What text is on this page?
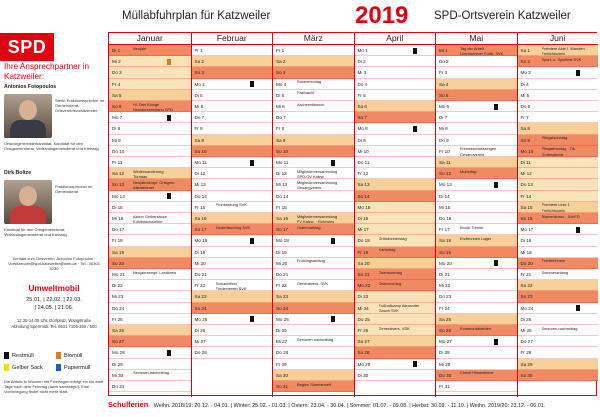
SPD
Ihre Ansprechpartner in Katzweiler:
Antonios Fotopoulos
Stellv. Fraktionssprecher im Gemeinderat, Ortsvereinsvorsitzender
Ortsbürgermeisterkandidat, Kandidat für den Ortsgemeinderat, Verbandsgemeinderat und Kreistag
Dirk Boltze
Fraktionssprecher im Gemeinderat
Kandidat für den Ortsgemeinderat, Verbandsgemeinderat und Kreistag
Kontakt zum Ortsverein: Antonios Fotopoulos · Vorsitzender@spd-katzweiler@web.de · Tel.: 06301 8230
Umweltmobil
25.01. | 22.02. | 22.03.
| 24.05. | 21.06.
12.35-14.05 Uhr, Dorfplatz, Waagstraße
Abholung Sperrmüll: Tel. 0631 7105-250 / 500
Restmüll	Biomüll
Gelber Sack	Papiermüll
Die Abfuhr in Wochen mit Feiertagen erfolgt ein bis zwei Tage nach dem Feiertag (auch samstags!). Eine Vorverlegung findet nicht mehr statt.
Müllabfuhrplan für Katzweiler	2019 SPD-Ortsverein Katzweiler
Januar
Di 1	Neujahr
Mi 2
Do 3
Fr 4
Sa 5
So 6	Hl. Drei Könige Neujahrsempfang SPD
Mo 7
Di 8
Mi 9
Do 10
Fr 11
Sa 12 Winterwanderung Turngau
So 13 Neujahrsempf. Ortsgem. Altkaisbeuel
Mo 14
Di 15
Mi 16	Aktion Gelbersäcke Kühlbuschweiher
Do 17
Fr 18
Sa 19
So 20
Mo 21 Neujahrsempf. Landkreis
Di 22
Mi 23
Do 24
Fr 25
Sa 26
So 27
Mo 28
Di 29
Mi 30	Senioren-nachmittag
Do 31
Februar
Fr 1
Sa 2
So 3
Mo 4
Di 5
Mi 6
Do 7
Fr 8
Sa 9
So 10
Mo 11
Di 12
Mi 13
Do 14
Fr 15	Prunksitzung SVK
Sa 16
So 17 Kinderfasching SVK
Mo 18
Di 19
Mi 20
Do 21
Fr 22	Schlachtfest Förderverein SVK
Sa 23
So 24
Mo 25
Di 26
Mi 27
Do 28
März
Fr 1
Sa 2
So 3
Mo 4	Rosenmontag
Di 5	Fastnacht
Mi 6	Aschermittwoch
Do 7
Fr 8
Sa 9
So 10
Mo 11
Di 12	Mitgliederversammlung SPD-OV Katzw.
Mi 13	Mitgliederversammlung Gesangverein
Do 14
Fr 15
Sa 16 Mitgliederversammlung FV Katzw. · Rohrwies
So 17 Ostermarktag
Mo 18
Di 19
Mi 20	Frühlingsanfang
Do 21
Fr 22	Generalvers. SVK
Sa 23
So 24
Mo 25
Di 26
Mi 27	Senioren-nachmittag
Do 28
Fr 29
Sa 30
So 31 Beginn Sommerzeit
April
Mo 1
Di 2
Mi 3
Do 4
Fr 5
Sa 6
So 7
Mo 8
Di 9
Mi 10
Do 11
Fr 12
Sa 13
So 14
Mo 15
Di 16
Mi 17
Do 18 Gründonnerstag
Fr 19	Karfreitag
Sa 20
So 21 Ostersonntag
Mo 22 Ostermontag
Di 23
Mi 24	Fußballcamp Alexander Gauch SVK
Do 25
Fr 26	Generalvers. VDK
Sa 27
So 28
Mo 29
Di 30
Mai
Mi 1	Tag der Arbeit · Lpentrummer Fußb. SVK
Do 2
Fr 3
Sa 4
So 5
Mo 6
Di 7
Mi 8
Do 9
Fr 10	Freundschaftssingen Gesangverein
Sa 11
So 12 Muttertag
Mo 13
Di 14
Mi 15
Do 16
Fr 17	Boule-Turnier
Sa 18 Erzbrunnen Lager
So 19
Mo 20
Di 21
Mi 22
Do 23
Fr 24
Sa 25
So 26 Kommunalwahlen
Mo 27
Di 28
Mi 29
Do 30 Christi Himmelfahrt
Fr 31
Juni
Sa 1	Premiere Akte I. Wanden Freilichtspiele
So 2	Sport- u. Spielfest SVK
Mo 3
Di 4
Mi 5
Do 6
Fr 7
Sa 8
So 9	Pfingstsonntag
Mo 10 Pfingstmontag · Ök. Gottesdienst
Di 11
Mi 12
Do 13
Fr 14
Sa 15 Premiere Linie 1 Freilichtspiele
So 16 Blumenkorso · SchFD
Mo 17
Di 18
Mi 19
Do 20 Fronleichnam
Fr 21	Sommeranfang
Sa 22
So 23
Mo 24
Di 25
Mi 26	Senioren-nachmittag
Do 27
Fr 28
Sa 29
So 30
Schulferien Weihn. 2018/19: 20.12. - 04.01. | Winter: 25.02. - 01.03. | Ostern: 23.04. - 30.04. | Sommer: 01.07. - 09.08. | Herbst: 30.09. - 11.10. | Weihn. 2019/20: 23.12. - 06.01.
